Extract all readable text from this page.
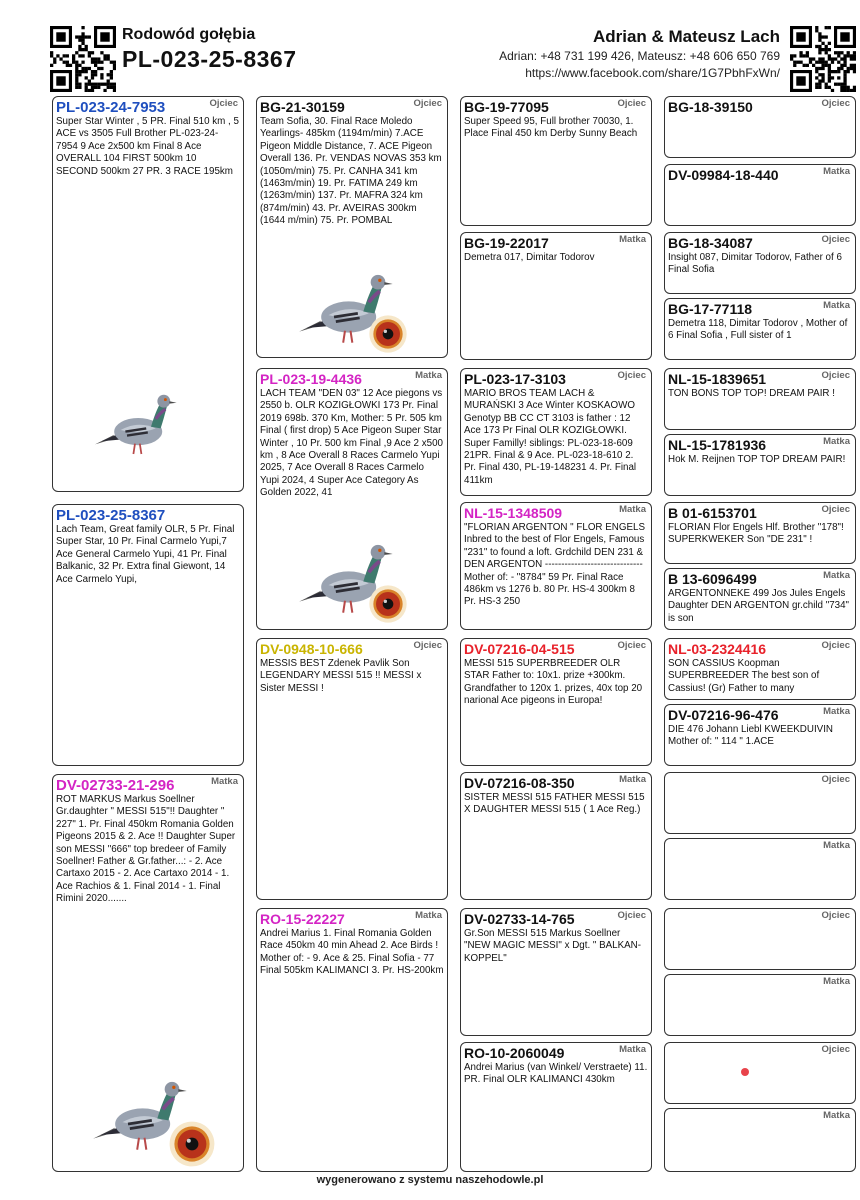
Rodowód gołębia
PL-023-25-8367
Adrian & Mateusz Lach
Adrian: +48 731 199 426, Mateusz: +48 606 650 769
https://www.facebook.com/share/1G7PbhFxWn/
PL-023-24-7953	Ojciec
Super Star Winter , 5 PR. Final 510 km , 5 ACE vs 3505 Full Brother PL-023-24-7954 9 Ace 2x500 km Final 8 Ace OVERALL 104 FIRST 500km 10 SECOND 500km 27 PR. 3 RACE 195km
PL-023-25-8367
Lach Team, Great family OLR, 5 Pr. Final Super Star, 10 Pr. Final Carmelo Yupi,7 Ace General Carmelo Yupi, 41 Pr. Final Balkanic, 32 Pr. Extra final Giewont, 14 Ace Carmelo Yupi,
DV-02733-21-296	Matka
ROT MARKUS Markus Soellner Gr.daughter " MESSI 515"!! Daughter " 227" 1. Pr. Final 450km Romania Golden Pigeons 2015 & 2. Ace !! Daughter Super son MESSI "666" top bredeer of Family Soellner! Father & Gr.father...: - 2. Ace Cartaxo 2015 - 2. Ace Cartaxo 2014 - 1. Ace Rachios & 1. Final 2014 - 1. Final Rimini 2020.......
BG-21-30159	Ojciec
Team Sofia, 30. Final Race Moledo Yearlings- 485km (1194m/min) 7.ACE Pigeon Middle Distance, 7. ACE Pigeon Overall 136. Pr. VENDAS NOVAS 353 km (1050m/min) 75. Pr. CANHA 341 km (1463m/min) 19. Pr. FATIMA 249 km (1263m/min) 137. Pr. MAFRA 324 km (874m/min) 43. Pr. AVEIRAS 300km (1644 m/min) 75. Pr. POMBAL
PL-023-19-4436	Matka
LACH TEAM "DEN 03" 12 Ace piegons vs 2550 b. OLR KOZIGŁOWKI 173 Pr. Final 2019 698b. 370 Km, Mother: 5 Pr. 505 km Final ( first drop) 5 Ace Pigeon Super Star Winter , 10 Pr. 500 km Final ,9 Ace 2 x500 km , 8 Ace Overall 8 Races Carmelo Yupi 2025, 7 Ace Overall 8 Races Carmelo Yupi 2024, 4 Super Ace Category As Golden 2022, 41
DV-0948-10-666	Ojciec
MESSIS BEST Zdenek Pavlik Son LEGENDARY MESSI 515 !! MESSI x Sister MESSI !
RO-15-22227	Matka
Andrei Marius 1. Final Romania Golden Race 450km 40 min Ahead 2. Ace Birds ! Mother of: - 9. Ace & 25. Final Sofia - 77 Final 505km KALIMANCI 3. Pr. HS-200km
BG-19-77095	Ojciec
Super Speed 95, Full brother 70030, 1. Place Final 450 km Derby Sunny Beach
BG-19-22017	Matka
Demetra 017, Dimitar Todorov
PL-023-17-3103	Ojciec
MARIO BROS TEAM LACH & MURAŃSKI 3 Ace Winter KOSKAOWO Genotyp BB CC CT 3103 is father : 12 Ace 173 Pr Final OLR KOZIGŁOWKI. Super Familly! siblings: PL-023-18-609 21PR. Final & 9 Ace. PL-023-18-610 2. Pr. Final 430, PL-19-148231 4. Pr. Final 411km
NL-15-1348509	Matka
"FLORIAN ARGENTON " FLOR ENGELS Inbred to the best of Flor Engels, Famous "231" to found a loft. Grdchild DEN 231 & DEN ARGENTON ------------------------------ Mother of: - "8784" 59 Pr. Final Race 486km vs 1276 b. 80 Pr. HS-4 300km 8 Pr. HS-3 250
DV-07216-04-515	Ojciec
MESSI 515 SUPERBREEDER OLR STAR Father to: 10x1. prize +300km. Grandfather to 120x 1. prizes, 40x top 20 narional Ace pigeons in Europa!
DV-07216-08-350	Matka
SISTER MESSI 515 FATHER MESSI 515 X DAUGHTER MESSI 515 ( 1 Ace Reg.)
DV-02733-14-765	Ojciec
Gr.Son MESSI 515 Markus Soellner "NEW MAGIC MESSI" x Dgt. " BALKAN-KOPPEL"
RO-10-2060049	Matka
Andrei Marius (van Winkel/ Verstraete) 11. PR. Final OLR KALIMANCI 430km
BG-18-39150	Ojciec
DV-09984-18-440	Matka
BG-18-34087	Ojciec
Insight 087, Dimitar Todorov, Father of 6 Final Sofia
BG-17-77118	Matka
Demetra 118, Dimitar Todorov , Mother of 6 Final Sofia , Full sister of 1
NL-15-1839651	Ojciec
TON BONS TOP TOP! DREAM PAIR !
NL-15-1781936	Matka
Hok M. Reijnen TOP TOP DREAM PAIR!
B 01-6153701	Ojciec
FLORIAN Flor Engels Hlf. Brother "178"! SUPERKWEKER Son "DE 231" !
B 13-6096499	Matka
ARGENTONNEKE 499 Jos Jules Engels Daughter DEN ARGENTON gr.child "734" is son
NL-03-2324416	Ojciec
SON CASSIUS Koopman SUPERBREEDER The best son of Cassius! (Gr) Father to many
DV-07216-96-476	Matka
DIE 476 Johann Liebl KWEEKDUIVIN Mother of: " 114 " 1.ACE
Ojciec
Matka
Ojciec
Matka
Ojciec
Matka
wygenerowano z systemu naszehodowle.pl
